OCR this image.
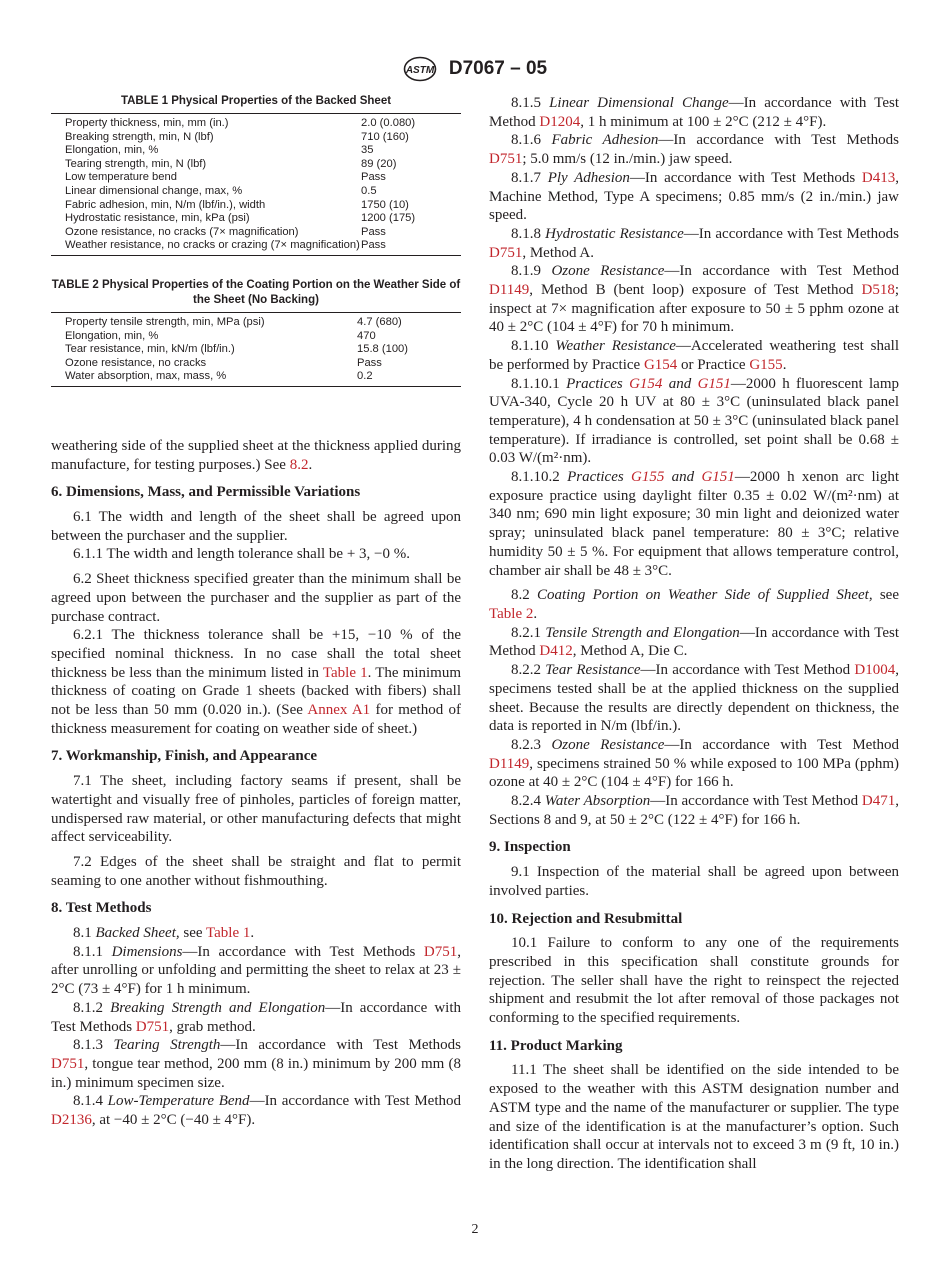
ASTM D7067 – 05
TABLE 1 Physical Properties of the Backed Sheet
Property thickness, min, mm (in.)	2.0 (0.080)
Breaking strength, min, N (lbf)	710 (160)
Elongation, min, %	35
Tearing strength, min, N (lbf)	89 (20)
Low temperature bend	Pass
Linear dimensional change, max, %	0.5
Fabric adhesion, min, N/m (lbf/in.), width	1750 (10)
Hydrostatic resistance, min, kPa (psi)	1200 (175)
Ozone resistance, no cracks (7× magnification)	Pass
Weather resistance, no cracks or crazing (7× magnification)	Pass
TABLE 2 Physical Properties of the Coating Portion on the Weather Side of the Sheet (No Backing)
Property tensile strength, min, MPa (psi)	4.7 (680)
Elongation, min, %	470
Tear resistance, min, kN/m (lbf/in.)	15.8 (100)
Ozone resistance, no cracks	Pass
Water absorption, max, mass, %	0.2

weathering side of the supplied sheet at the thickness applied during manufacture, for testing purposes.) See 8.2.

6. Dimensions, Mass, and Permissible Variations

6.1 The width and length of the sheet shall be agreed upon between the purchaser and the supplier.

6.1.1 The width and length tolerance shall be + 3, −0 %.

6.2 Sheet thickness specified greater than the minimum shall be agreed upon between the purchaser and the supplier as part of the purchase contract.

6.2.1 The thickness tolerance shall be +15, −10 % of the specified nominal thickness. In no case shall the total sheet thickness be less than the minimum listed in Table 1. The minimum thickness of coating on Grade 1 sheets (backed with fibers) shall not be less than 50 mm (0.020 in.). (See Annex A1 for method of thickness measurement for coating on weather side of sheet.)

7. Workmanship, Finish, and Appearance

7.1 The sheet, including factory seams if present, shall be watertight and visually free of pinholes, particles of foreign matter, undispersed raw material, or other manufacturing defects that might affect serviceability.

7.2 Edges of the sheet shall be straight and flat to permit seaming to one another without fishmouthing.

8. Test Methods

8.1 Backed Sheet, see Table 1.

8.1.1 Dimensions—In accordance with Test Methods D751, after unrolling or unfolding and permitting the sheet to relax at 23 ± 2°C (73 ± 4°F) for 1 h minimum.

8.1.2 Breaking Strength and Elongation—In accordance with Test Methods D751, grab method.

8.1.3 Tearing Strength—In accordance with Test Methods D751, tongue tear method, 200 mm (8 in.) minimum by 200 mm (8 in.) minimum specimen size.

8.1.4 Low-Temperature Bend—In accordance with Test Method D2136, at −40 ± 2°C (−40 ± 4°F).

8.1.5 Linear Dimensional Change—In accordance with Test Method D1204, 1 h minimum at 100 ± 2°C (212 ± 4°F).

8.1.6 Fabric Adhesion—In accordance with Test Methods D751; 5.0 mm/s (12 in./min.) jaw speed.

8.1.7 Ply Adhesion—In accordance with Test Methods D413, Machine Method, Type A specimens; 0.85 mm/s (2 in./min.) jaw speed.

8.1.8 Hydrostatic Resistance—In accordance with Test Methods D751, Method A.

8.1.9 Ozone Resistance—In accordance with Test Method D1149, Method B (bent loop) exposure of Test Method D518; inspect at 7× magnification after exposure to 50 ± 5 pphm ozone at 40 ± 2°C (104 ± 4°F) for 70 h minimum.

8.1.10 Weather Resistance—Accelerated weathering test shall be performed by Practice G154 or Practice G155.

8.1.10.1 Practices G154 and G151—2000 h fluorescent lamp UVA-340, Cycle 20 h UV at 80 ± 3°C (uninsulated black panel temperature), 4 h condensation at 50 ± 3°C (uninsulated black panel temperature). If irradiance is controlled, set point shall be 0.68 ± 0.03 W/(m²·nm).

8.1.10.2 Practices G155 and G151—2000 h xenon arc light exposure practice using daylight filter 0.35 ± 0.02 W/(m²·nm) at 340 nm; 690 min light exposure; 30 min light and deionized water spray; uninsulated black panel temperature: 80 ± 3°C; relative humidity 50 ± 5 %. For equipment that allows temperature control, chamber air shall be 48 ± 3°C.

8.2 Coating Portion on Weather Side of Supplied Sheet, see Table 2.

8.2.1 Tensile Strength and Elongation—In accordance with Test Method D412, Method A, Die C.

8.2.2 Tear Resistance—In accordance with Test Method D1004, specimens tested shall be at the applied thickness on the supplied sheet. Because the results are directly dependent on thickness, the data is reported in N/m (lbf/in.).

8.2.3 Ozone Resistance—In accordance with Test Method D1149, specimens strained 50 % while exposed to 100 MPa (pphm) ozone at 40 ± 2°C (104 ± 4°F) for 166 h.

8.2.4 Water Absorption—In accordance with Test Method D471, Sections 8 and 9, at 50 ± 2°C (122 ± 4°F) for 166 h.

9. Inspection

9.1 Inspection of the material shall be agreed upon between involved parties.

10. Rejection and Resubmittal

10.1 Failure to conform to any one of the requirements prescribed in this specification shall constitute grounds for rejection. The seller shall have the right to reinspect the rejected shipment and resubmit the lot after removal of those packages not conforming to the specified requirements.

11. Product Marking

11.1 The sheet shall be identified on the side intended to be exposed to the weather with this ASTM designation number and ASTM type and the name of the manufacturer or supplier. The type and size of the identification is at the manufacturer’s option. Such identification shall occur at intervals not to exceed 3 m (9 ft, 10 in.) in the long direction. The identification shall

2
